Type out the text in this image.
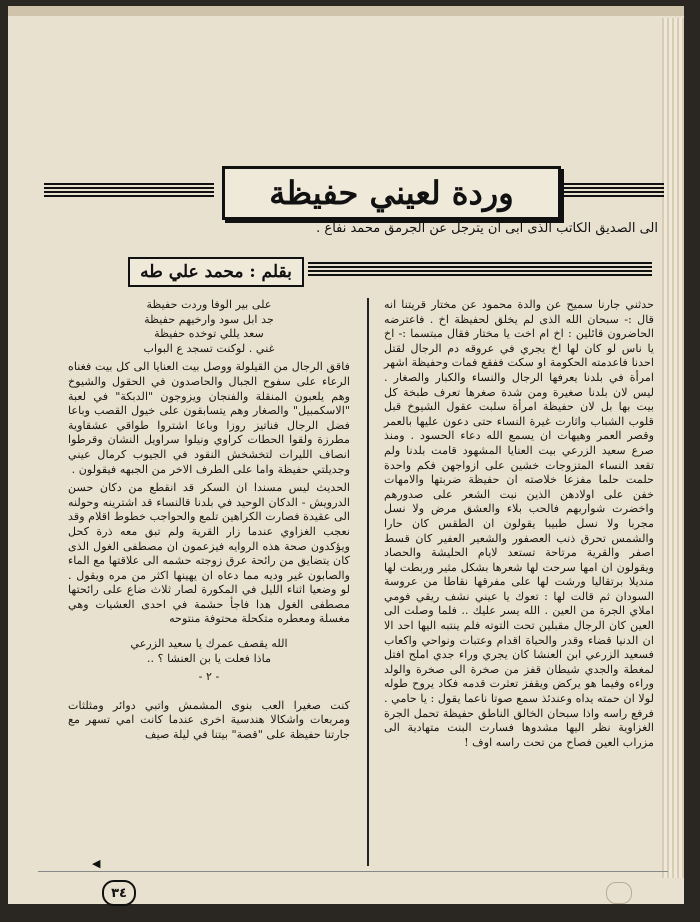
وردة لعيني حفيظة
الى الصديق الكاتب الذى ابى ان يترجل عن الجرمق محمد نفاع .
بقلم : محمد علي طه

حدثني جارنا سميح عن والدة محمود عن مختار قريتنا انه قال :- سبحان الله الذى لم يخلق لحفيظة اخ . فاعترضه الحاضرون قائلين : اخ ام اخت يا مختار فقال مبتسما :- اخ يا ناس لو كان لها اخ يجري في عروقه دم الرجال لقتل احدنا فاعدمته الحكومة او سكت ففقع فمات وحفيظة اشهر امرأة في بلدنا يعرفها الرجال والنساء والكبار والصغار . ليس لان بلدنا صغيرة ومن شدة صغرها تعرف طبخة كل بيت بها بل لان حفيظة امرأة سلبت عقول الشيوخ قبل قلوب الشباب واثارت غيرة النساء حتى دعون عليها بالعمر وقصر العمر وهيهات ان يسمع الله دعاء الحسود . ومنذ صرع سعيد الزرعي بيت العنايا المشهود قامت بلدنا ولم تقعد النساء المتزوجات خشين على ازواجهن فكم واحدة حلمت حلما مفزعا خلاصته ان حفيظة ضربتها والامهات خفن على اولادهن الذين نبت الشعر على صدورهم واخضرت شواربهم فالحب بلاء والعشق مرض ولا نسل مجربا ولا نسل طبيبا يقولون ان الطقس كان حارا والشمس تحرق ذنب العصفور والشعير العفير كان قسط اصفر والقرية مرتاحة تستعد لايام الحليشة والحصاد ويقولون ان امها سرحت لها شعرها بشكل مثير وربطت لها منديلا برتقاليا ورشت لها على مفرقها نقاطا من عروسة السودان ثم قالت لها : تعوك يا عيني نشف ريقي فومي املاي الجرة من العين . الله يسر عليك .. فلما وصلت الى العين كان الرجال مقبلين تحت التوته فلم ينتبه اليها احد الا ان الدنيا قضاء وقدر والحياة اقدام وعتبات ونواحي واكعاب فسعيد الزرعي ابن العنشا كان يجري وراء جدي املح افتل لمغطة والجدي شيطان قفز من صخرة الى صخرة والولد وراءه وفيما هو يركض ويقفز تعثرت قدمه فكاد يروح طوله لولا ان حمته يداه وعندئذ سمع صوتا ناعما يقول : يا حامي . فرفع راسه واذا سبحان الخالق الناطق حفيظة تحمل الجرة الغزاوية نظر اليها مشدوها فسارت البنت متهادية الى مزراب العين فصاح من تحت راسه اوف !

على بير الوفا وردت حفيظة

جد ابل سود وارخيهم حفيظة

سعد يللي توخده حفيظة

غني . لوكنت تسجد ع البواب

فاقق الرجال من القيلولة ووصل بيت العنايا الى كل بيت فغناه الرعاء على سفوح الجبال والحاصدون في الحقول والشيوخ وهم يلعبون المنقلة والفنجان ويزوجون "الدبكة" في لعبة "الاسكمبيل" والصغار وهم يتسابقون على خيول القصب وباعا فضل الرجال فناتيز روزا وباعا اشتروا طواقي عشقاوية مطرزة ولقوا الحطات كراوي ونيلوا سراويل النشان وقرطوا انصاف الليرات لتخشخش النقود في الجيوب كرمال عيني وجديلتي حفيظة واما على الطرف الاخر من الجبهه فيقولون .

الحديث ليس مسندا ان السكر قد انقطع من دكان حسن الدرويش - الدكان الوحيد في بلدنا قالنساء قد اشترينه وحولنه الى عقيدة فصارت الكراهين تلمع والحواجب خطوط اقلام وقد نعجب الغزاوي عندما زار القرية ولم تبق معه ذرة كحل ويؤكدون صحة هذه الروايه فيزعمون ان مصطفى الغول الذى كان يتضايق من رائحة عرق زوجته حشمه الى علاقتها مع الماء والصابون غير وديه مما دعاه ان يهينها اكثر من مره ويقول . لو وضعيا اثناء الليل في المكورة لصار ثلاث ضاع على رائحتها مصطفى الغول هدا فاجأ حشمة في احدى العشيات وهي مغسلة ومعطره متكحلة محتوفة منتوحه

الله يقصف عمرك يا سعيد الزرعي

ماذا فعلت يا بن العنشا ؟ ..

- ٢ -

كنت صغيرا العب بنوى المشمش واتبي دوائر ومثلثات ومربعات واشكالا هندسية اخرى عندما كانت امي تسهر مع جارتنا حفيظة على "قصة" بيتنا في ليلة صيف

◀
٣٤
